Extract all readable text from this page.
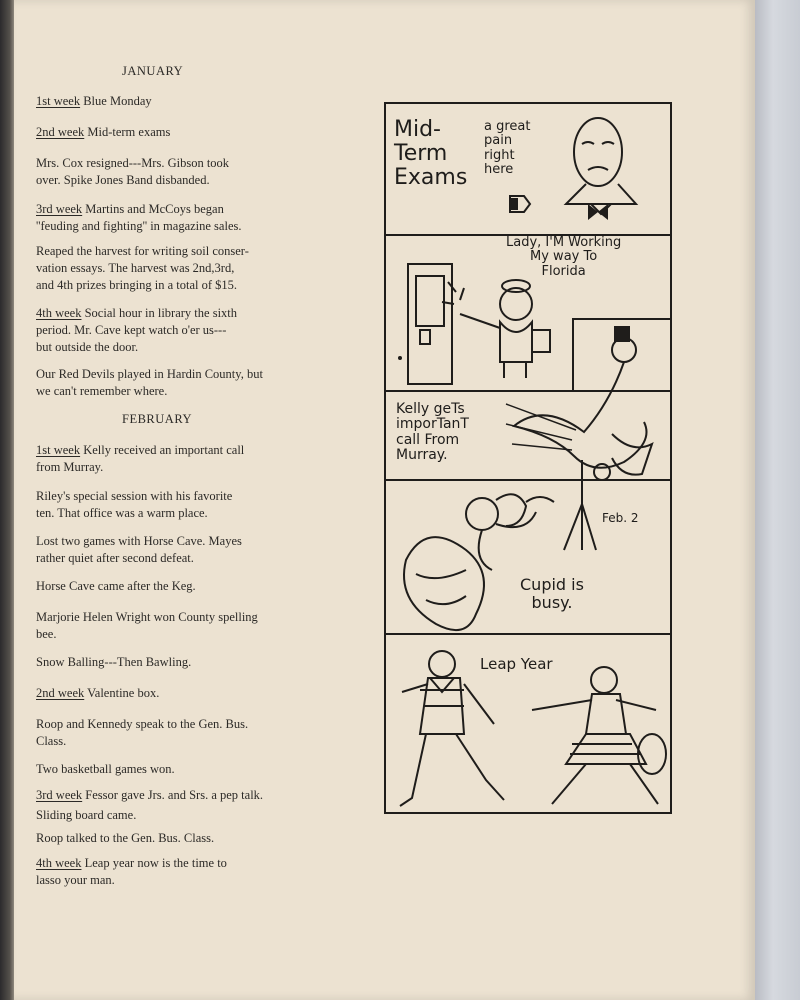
JANUARY
FEBRUARY
1st week Blue Monday
2nd week Mid-term exams
Mrs. Cox resigned---Mrs. Gibson took
over. Spike Jones Band disbanded.
3rd week Martins and McCoys began
''feuding and fighting'' in magazine sales.
Reaped the harvest for writing soil conser-
vation essays. The harvest was 2nd,3rd,
and 4th prizes bringing in a total of $15.
4th week Social hour in library the sixth
period. Mr. Cave kept watch o'er us---
but outside the door.
Our Red Devils played in Hardin County, but
we can't remember where.
1st week Kelly received an important call
from Murray.
Riley's special session with his favorite
ten. That office was a warm place.
Lost two games with Horse Cave. Mayes
rather quiet after second defeat.
Horse Cave came after the Keg.
Marjorie Helen Wright won County spelling
bee.
Snow Balling---Then Bawling.
2nd week Valentine box.
Roop and Kennedy speak to the Gen. Bus.
Class.
Two basketball games won.
3rd week Fessor gave Jrs. and Srs. a pep talk.
Sliding board came.
Roop talked to the Gen. Bus. Class.
4th week Leap year now is the time to
lasso your man.
Mid-
Term
Exams
a great
pain
right
here
Lady, I'M Working
My way To
Florida
Kelly geTs
imporTanT
call From
Murray.
Feb. 2
Cupid is
busy.
Leap Year
